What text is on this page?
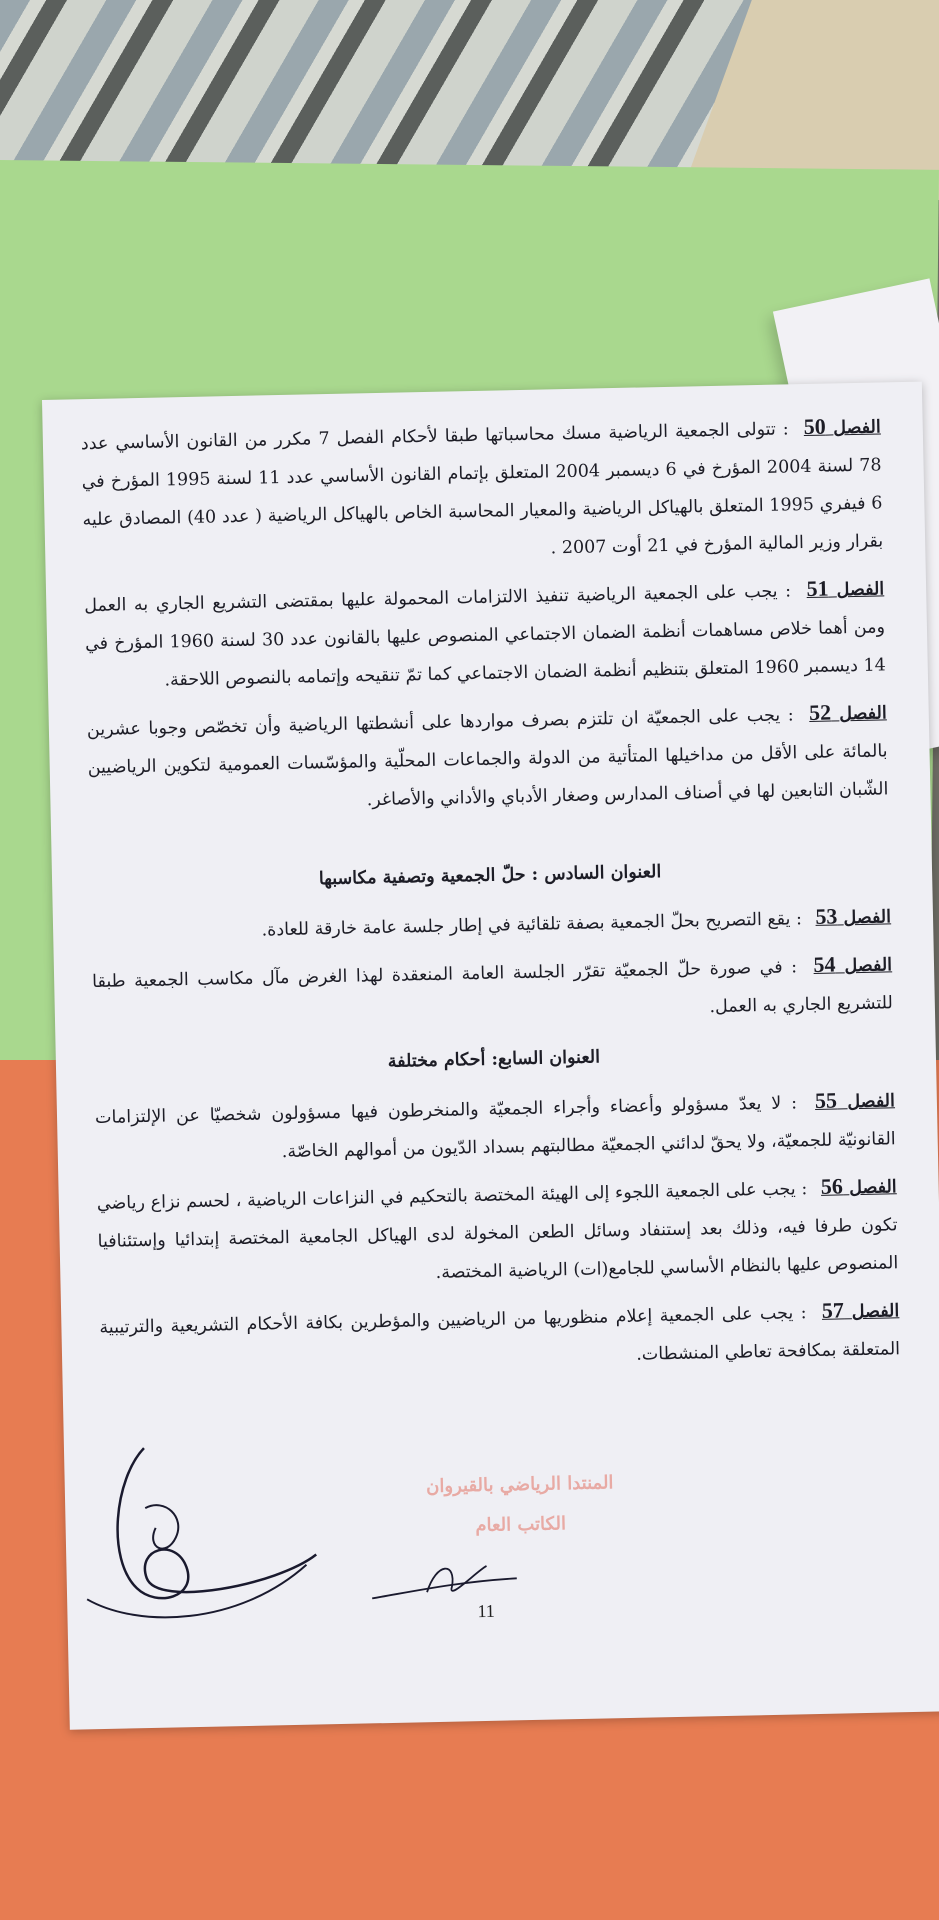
الفصل 50 : تتولى الجمعية الرياضية مسك محاسباتها طبقا لأحكام الفصل 7 مكرر من القانون الأساسي عدد 78 لسنة 2004 المؤرخ في 6 ديسمبر 2004 المتعلق بإتمام القانون الأساسي عدد 11 لسنة 1995 المؤرخ في 6 فيفري 1995 المتعلق بالهياكل الرياضية والمعيار المحاسبة الخاص بالهياكل الرياضية ( عدد 40) المصادق عليه بقرار وزير المالية المؤرخ في 21 أوت 2007 .

الفصل 51 : يجب على الجمعية الرياضية تنفيذ الالتزامات المحمولة عليها بمقتضى التشريع الجاري به العمل ومن أهما خلاص مساهمات أنظمة الضمان الاجتماعي المنصوص عليها بالقانون عدد 30 لسنة 1960 المؤرخ في 14 ديسمبر 1960 المتعلق بتنظيم أنظمة الضمان الاجتماعي كما تمّ تنقيحه وإتمامه بالنصوص اللاحقة.

الفصل 52 : يجب على الجمعيّة ان تلتزم بصرف مواردها على أنشطتها الرياضية وأن تخصّص وجوبا عشرين بالمائة على الأقل من مداخيلها المتأتية من الدولة والجماعات المحلّية والمؤسّسات العمومية لتكوين الرياضيين الشّبان التابعين لها في أصناف المدارس وصغار الأدباي والأداني والأصاغر.

العنوان السادس : حلّ الجمعية وتصفية مكاسبها

الفصل 53 : يقع التصريح بحلّ الجمعية بصفة تلقائية في إطار جلسة عامة خارقة للعادة.

الفصل 54 : في صورة حلّ الجمعيّة تقرّر الجلسة العامة المنعقدة لهذا الغرض مآل مكاسب الجمعية طبقا للتشريع الجاري به العمل.

العنوان السابع: أحكام مختلفة

الفصل 55 : لا يعدّ مسؤولو وأعضاء وأجراء الجمعيّة والمنخرطون فيها مسؤولون شخصيّا عن الإلتزامات القانونيّة للجمعيّة، ولا يحقّ لدائني الجمعيّة مطالبتهم بسداد الدّيون من أموالهم الخاصّة.

الفصل 56 : يجب على الجمعية اللجوء إلى الهيئة المختصة بالتحكيم في النزاعات الرياضية ، لحسم نزاع رياضي تكون طرفا فيه، وذلك بعد إستنفاد وسائل الطعن المخولة لدى الهياكل الجامعية المختصة إبتدائيا وإستئنافيا المنصوص عليها بالنظام الأساسي للجامع(ات) الرياضية المختصة.

الفصل 57 : يجب على الجمعية إعلام منظوريها من الرياضيين والمؤطرين بكافة الأحكام التشريعية والترتيبية المتعلقة بمكافحة تعاطي المنشطات.

المنتدا الرياضي بالقيروان
الكاتب العام
11
